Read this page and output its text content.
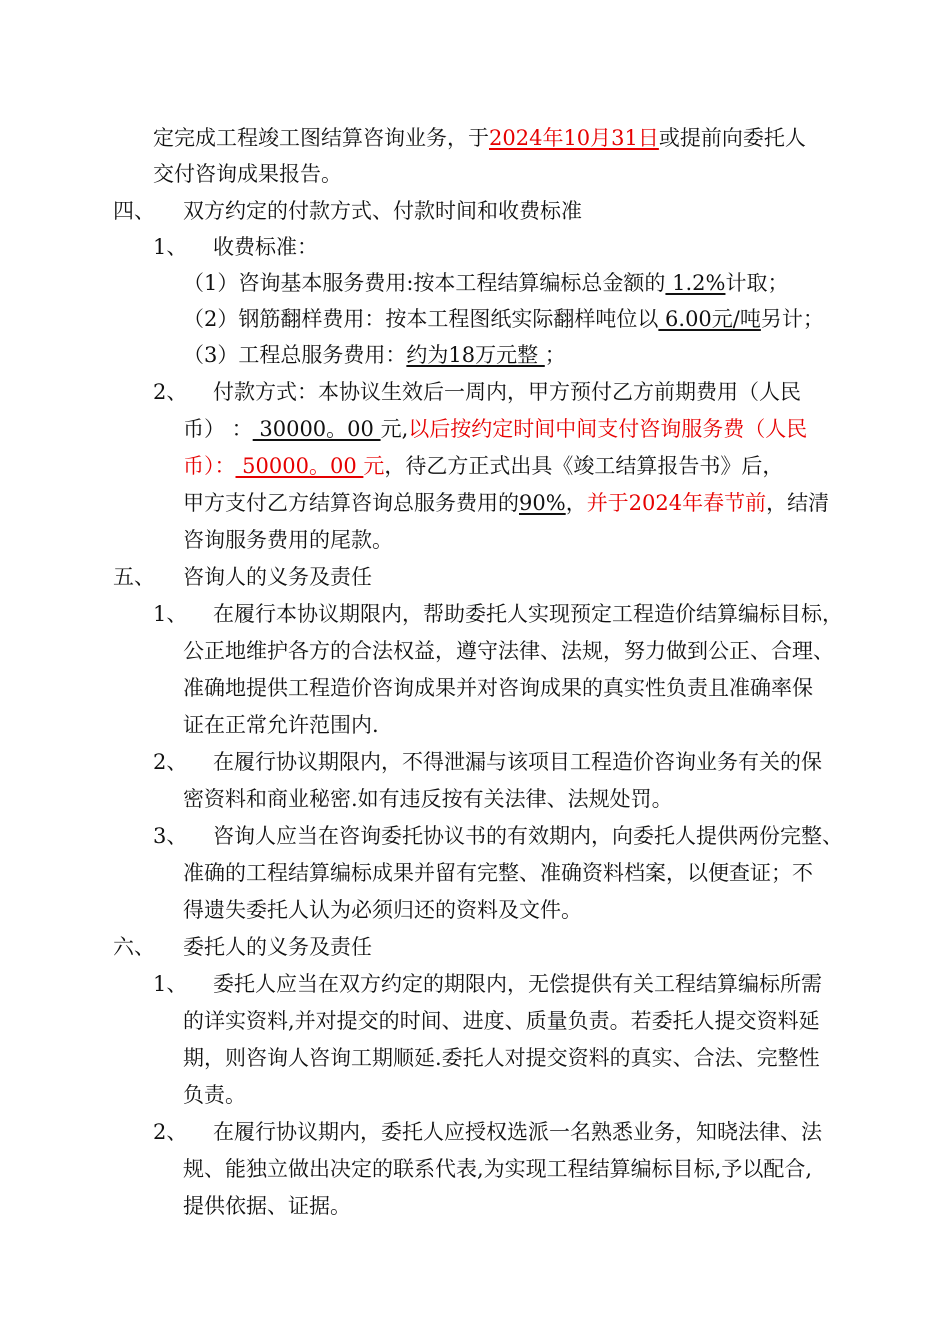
定完成工程竣工图结算咨询业务，于2024年10月31日或提前向委托人
交付咨询成果报告。
四、 双方约定的付款方式、付款时间和收费标准
1、 收费标准：
（1）咨询基本服务费用:按本工程结算编标总金额的 1.2%计取；
（2）钢筋翻样费用：按本工程图纸实际翻样吨位以 6.00元/吨另计；
（3）工程总服务费用：约为18万元整 ；
2、 付款方式：本协议生效后一周内，甲方预付乙方前期费用（人民
币） ： 30000。00 元,以后按约定时间中间支付咨询服务费（人民
币）： 50000。00 元，待乙方正式出具《竣工结算报告书》后，
甲方支付乙方结算咨询总服务费用的90%，并于2024年春节前，结清
咨询服务费用的尾款。
五、 咨询人的义务及责任
1、 在履行本协议期限内，帮助委托人实现预定工程造价结算编标目标，
公正地维护各方的合法权益，遵守法律、法规，努力做到公正、合理、
准确地提供工程造价咨询成果并对咨询成果的真实性负责且准确率保
证在正常允许范围内.
2、 在履行协议期限内，不得泄漏与该项目工程造价咨询业务有关的保
密资料和商业秘密.如有违反按有关法律、法规处罚。
3、 咨询人应当在咨询委托协议书的有效期内，向委托人提供两份完整、
准确的工程结算编标成果并留有完整、准确资料档案，以便查证；不
得遗失委托人认为必须归还的资料及文件。
六、 委托人的义务及责任
1、 委托人应当在双方约定的期限内，无偿提供有关工程结算编标所需
的详实资料,并对提交的时间、进度、质量负责。若委托人提交资料延
期，则咨询人咨询工期顺延.委托人对提交资料的真实、合法、完整性
负责。
2、 在履行协议期内，委托人应授权选派一名熟悉业务，知晓法律、法
规、能独立做出决定的联系代表,为实现工程结算编标目标,予以配合,
提供依据、证据。
